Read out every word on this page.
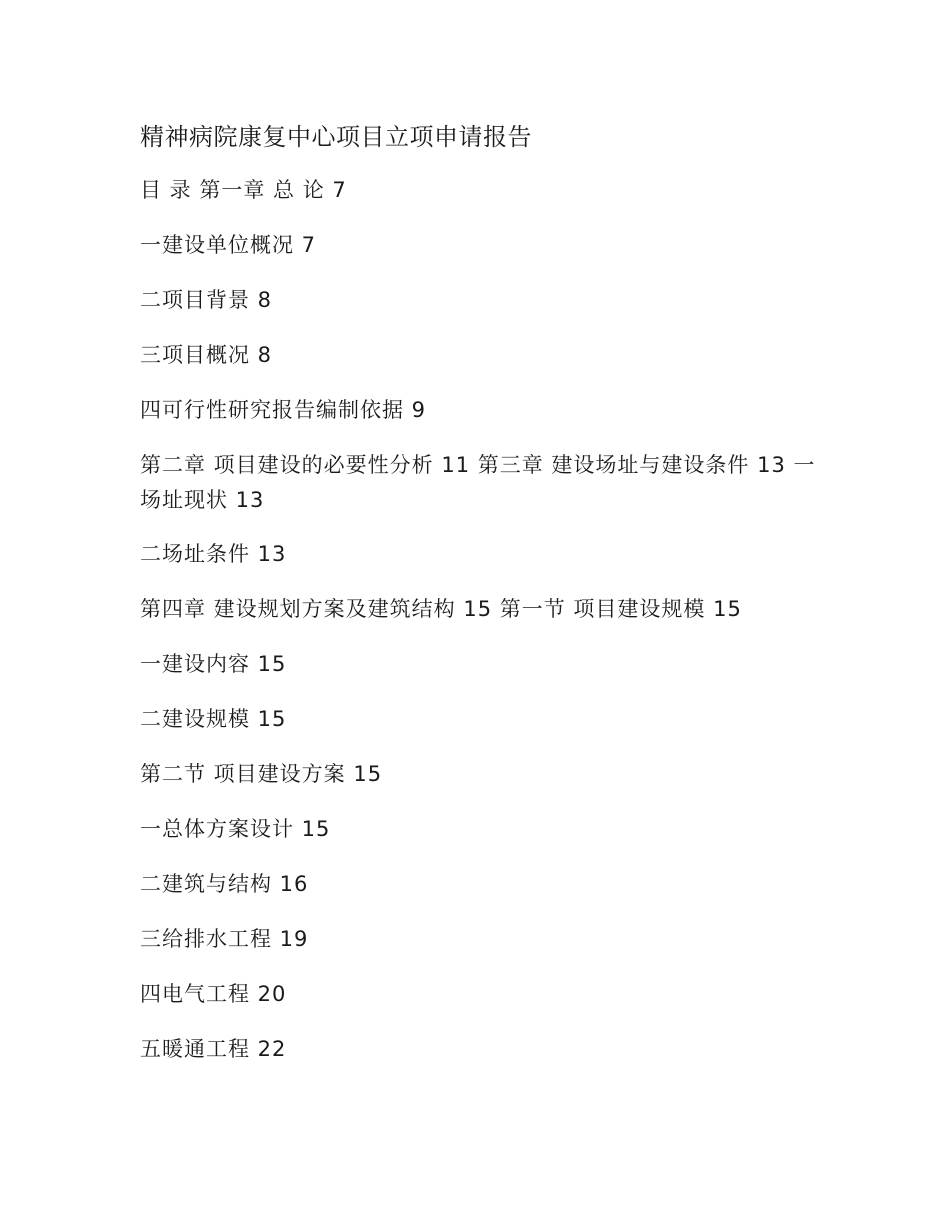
精神病院康复中心项目立项申请报告
目 录 第一章 总 论 7
一建设单位概况 7
二项目背景 8
三项目概况 8
四可行性研究报告编制依据 9
第二章 项目建设的必要性分析 11 第三章 建设场址与建设条件 13 一场址现状 13
二场址条件 13
第四章 建设规划方案及建筑结构 15 第一节 项目建设规模 15
一建设内容 15
二建设规模 15
第二节 项目建设方案 15
一总体方案设计 15
二建筑与结构 16
三给排水工程 19
四电气工程 20
五暖通工程 22
